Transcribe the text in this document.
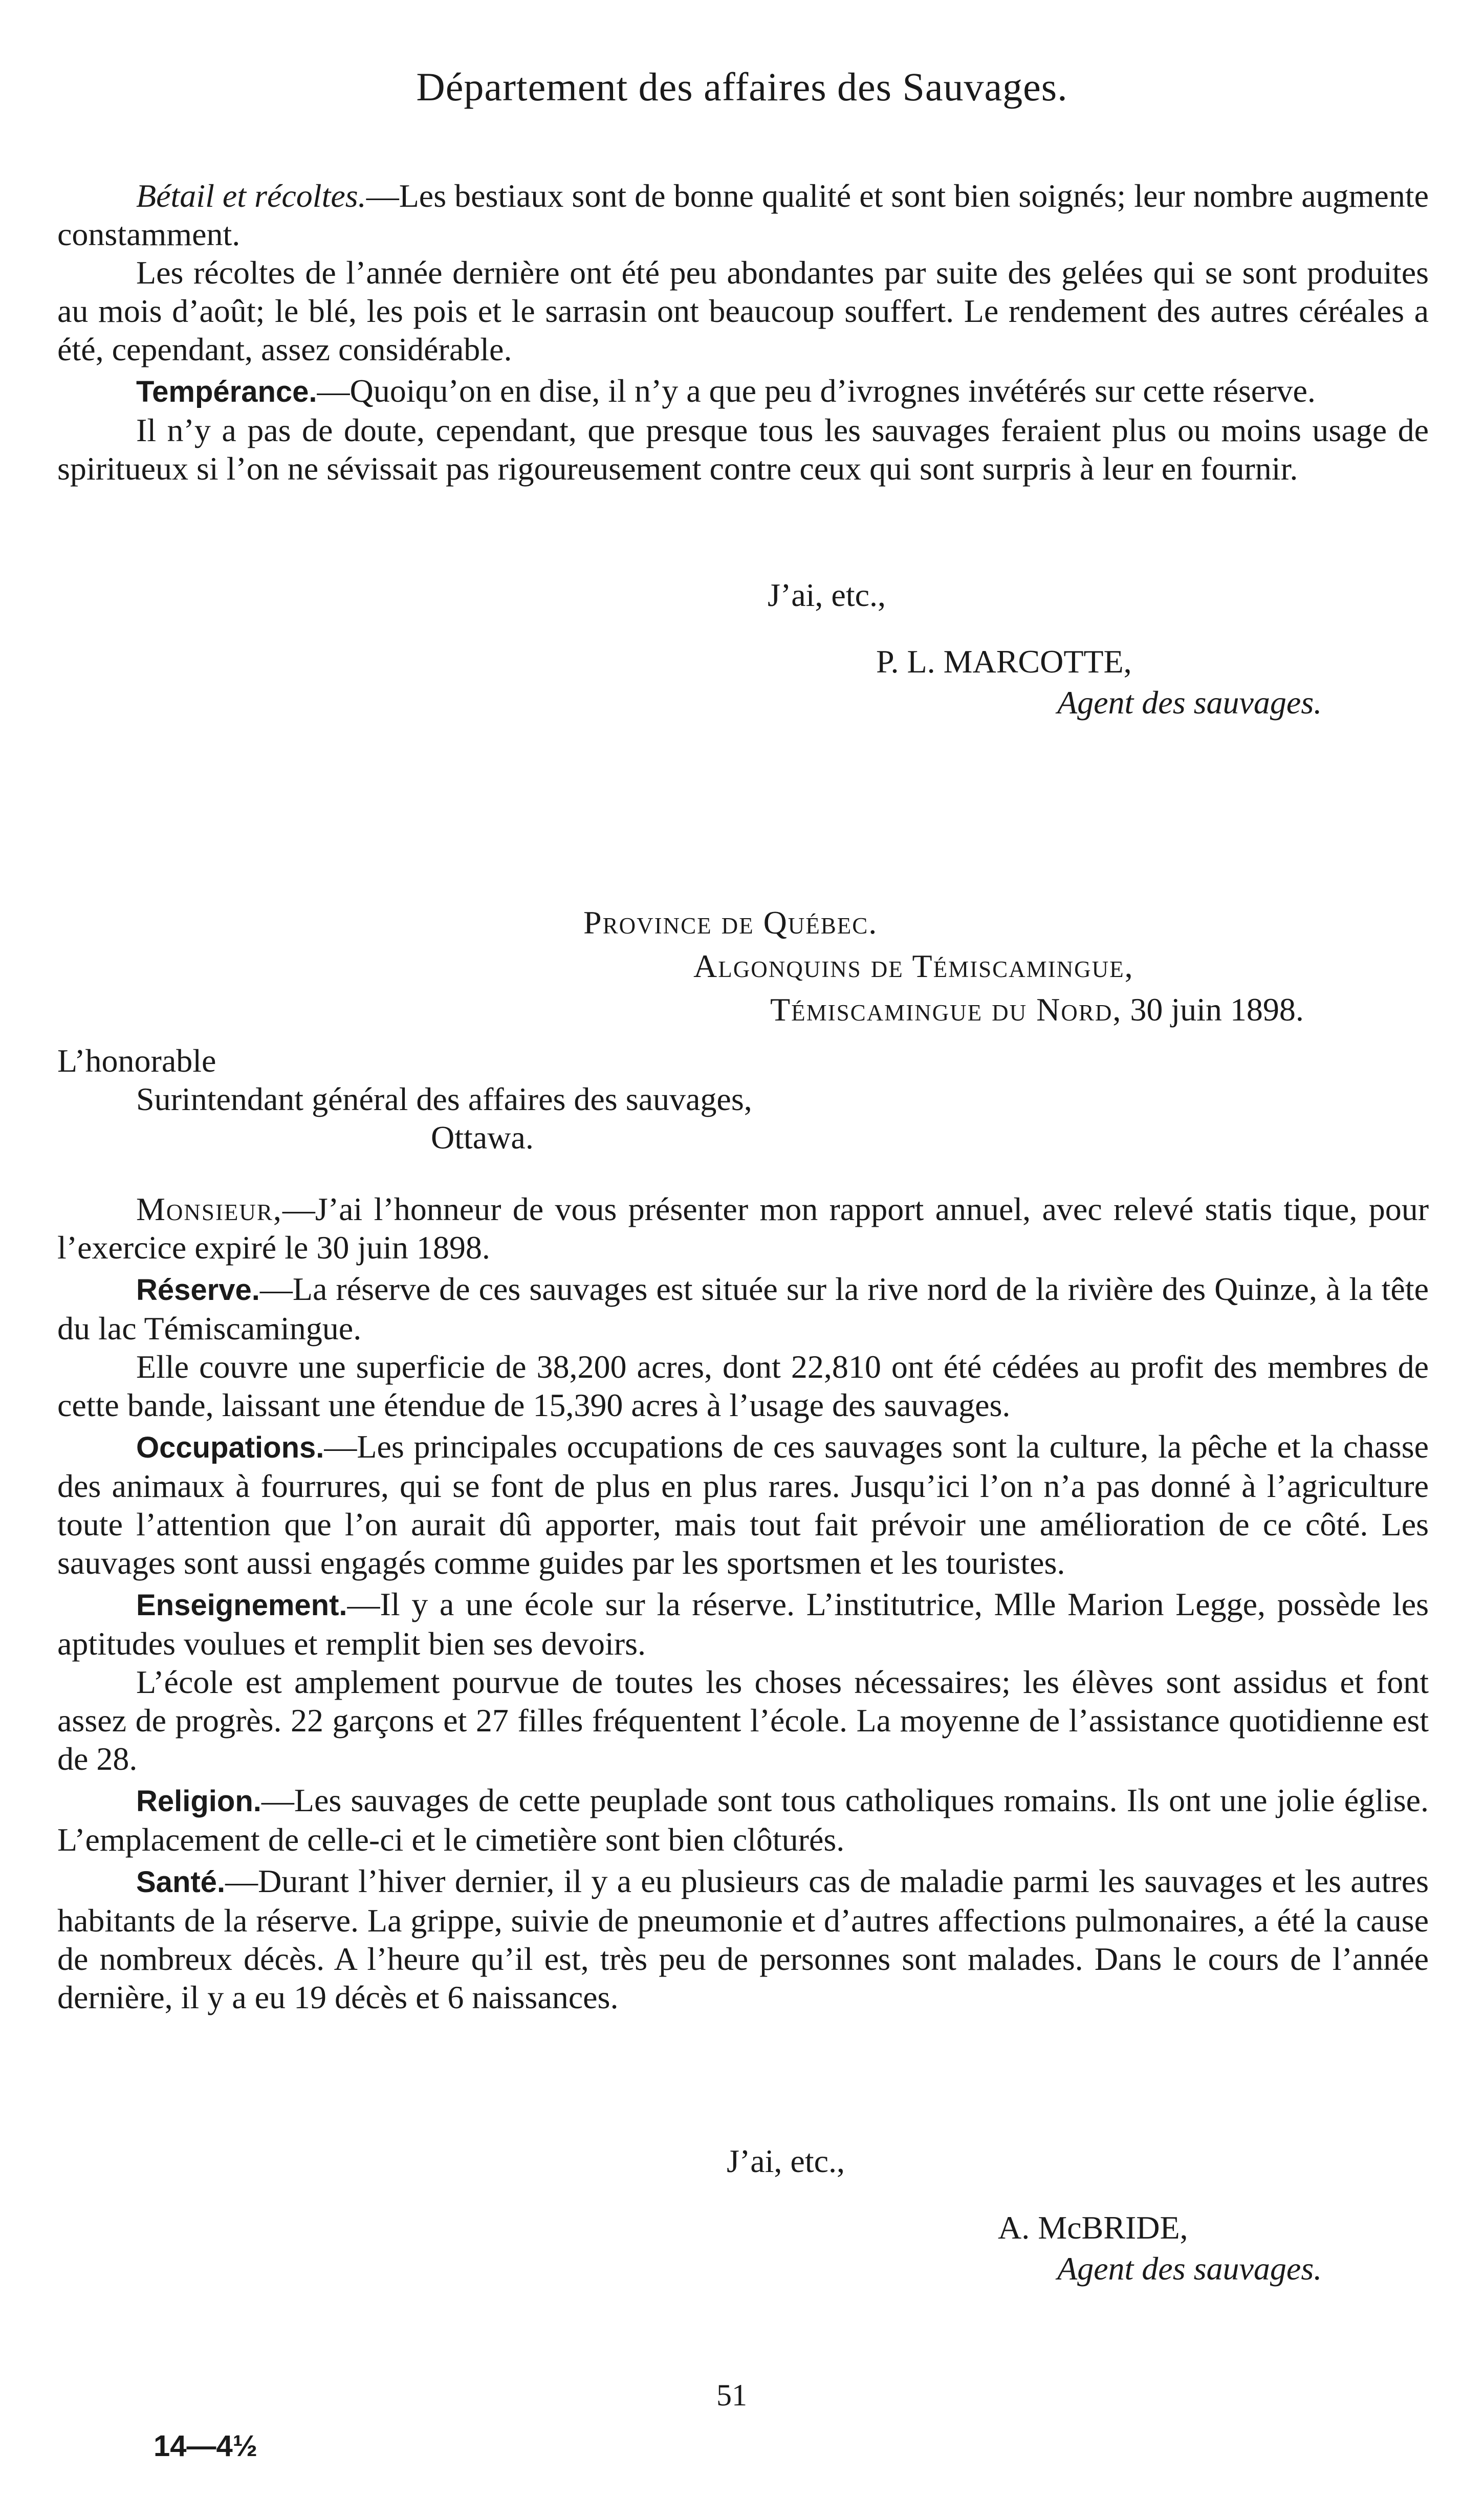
Département des affaires des Sauvages.

Bétail et récoltes.—Les bestiaux sont de bonne qualité et sont bien soignés; leur nombre augmente constamment.

Les récoltes de l’année dernière ont été peu abondantes par suite des gelées qui se sont produites au mois d’août; le blé, les pois et le sarrasin ont beaucoup souffert. Le rendement des autres céréales a été, cependant, assez considérable.

Tempérance.—Quoiqu’on en dise, il n’y a que peu d’ivrognes invétérés sur cette réserve.

Il n’y a pas de doute, cependant, que presque tous les sauvages feraient plus ou moins usage de spiritueux si l’on ne sévissait pas rigoureusement contre ceux qui sont surpris à leur en fournir.

J’ai, etc.,
P. L. MARCOTTE,
Agent des sauvages.
Province de Québec.
Algonquins de Témiscamingue,
Témiscamingue du Nord, 30 juin 1898.
L’honorable
Surintendant général des affaires des sauvages,
Ottawa.

Monsieur,—J’ai l’honneur de vous présenter mon rapport annuel, avec relevé statis tique, pour l’exercice expiré le 30 juin 1898.

Réserve.—La réserve de ces sauvages est située sur la rive nord de la rivière des Quinze, à la tête du lac Témiscamingue.

Elle couvre une superficie de 38,200 acres, dont 22,810 ont été cédées au profit des membres de cette bande, laissant une étendue de 15,390 acres à l’usage des sauvages.

Occupations.—Les principales occupations de ces sauvages sont la culture, la pêche et la chasse des animaux à fourrures, qui se font de plus en plus rares. Jusqu’ici l’on n’a pas donné à l’agriculture toute l’attention que l’on aurait dû apporter, mais tout fait prévoir une amélioration de ce côté. Les sauvages sont aussi engagés comme guides par les sportsmen et les touristes.

Enseignement.—Il y a une école sur la réserve. L’institutrice, Mlle Marion Legge, possède les aptitudes voulues et remplit bien ses devoirs.

L’école est amplement pourvue de toutes les choses nécessaires; les élèves sont assidus et font assez de progrès. 22 garçons et 27 filles fréquentent l’école. La moyenne de l’assistance quotidienne est de 28.

Religion.—Les sauvages de cette peuplade sont tous catholiques romains. Ils ont une jolie église. L’emplacement de celle-ci et le cimetière sont bien clôturés.

Santé.—Durant l’hiver dernier, il y a eu plusieurs cas de maladie parmi les sauvages et les autres habitants de la réserve. La grippe, suivie de pneumonie et d’autres affections pulmonaires, a été la cause de nombreux décès. A l’heure qu’il est, très peu de personnes sont malades. Dans le cours de l’année dernière, il y a eu 19 décès et 6 naissances.

J’ai, etc.,
A. McBRIDE,
Agent des sauvages.
51
14—4½
